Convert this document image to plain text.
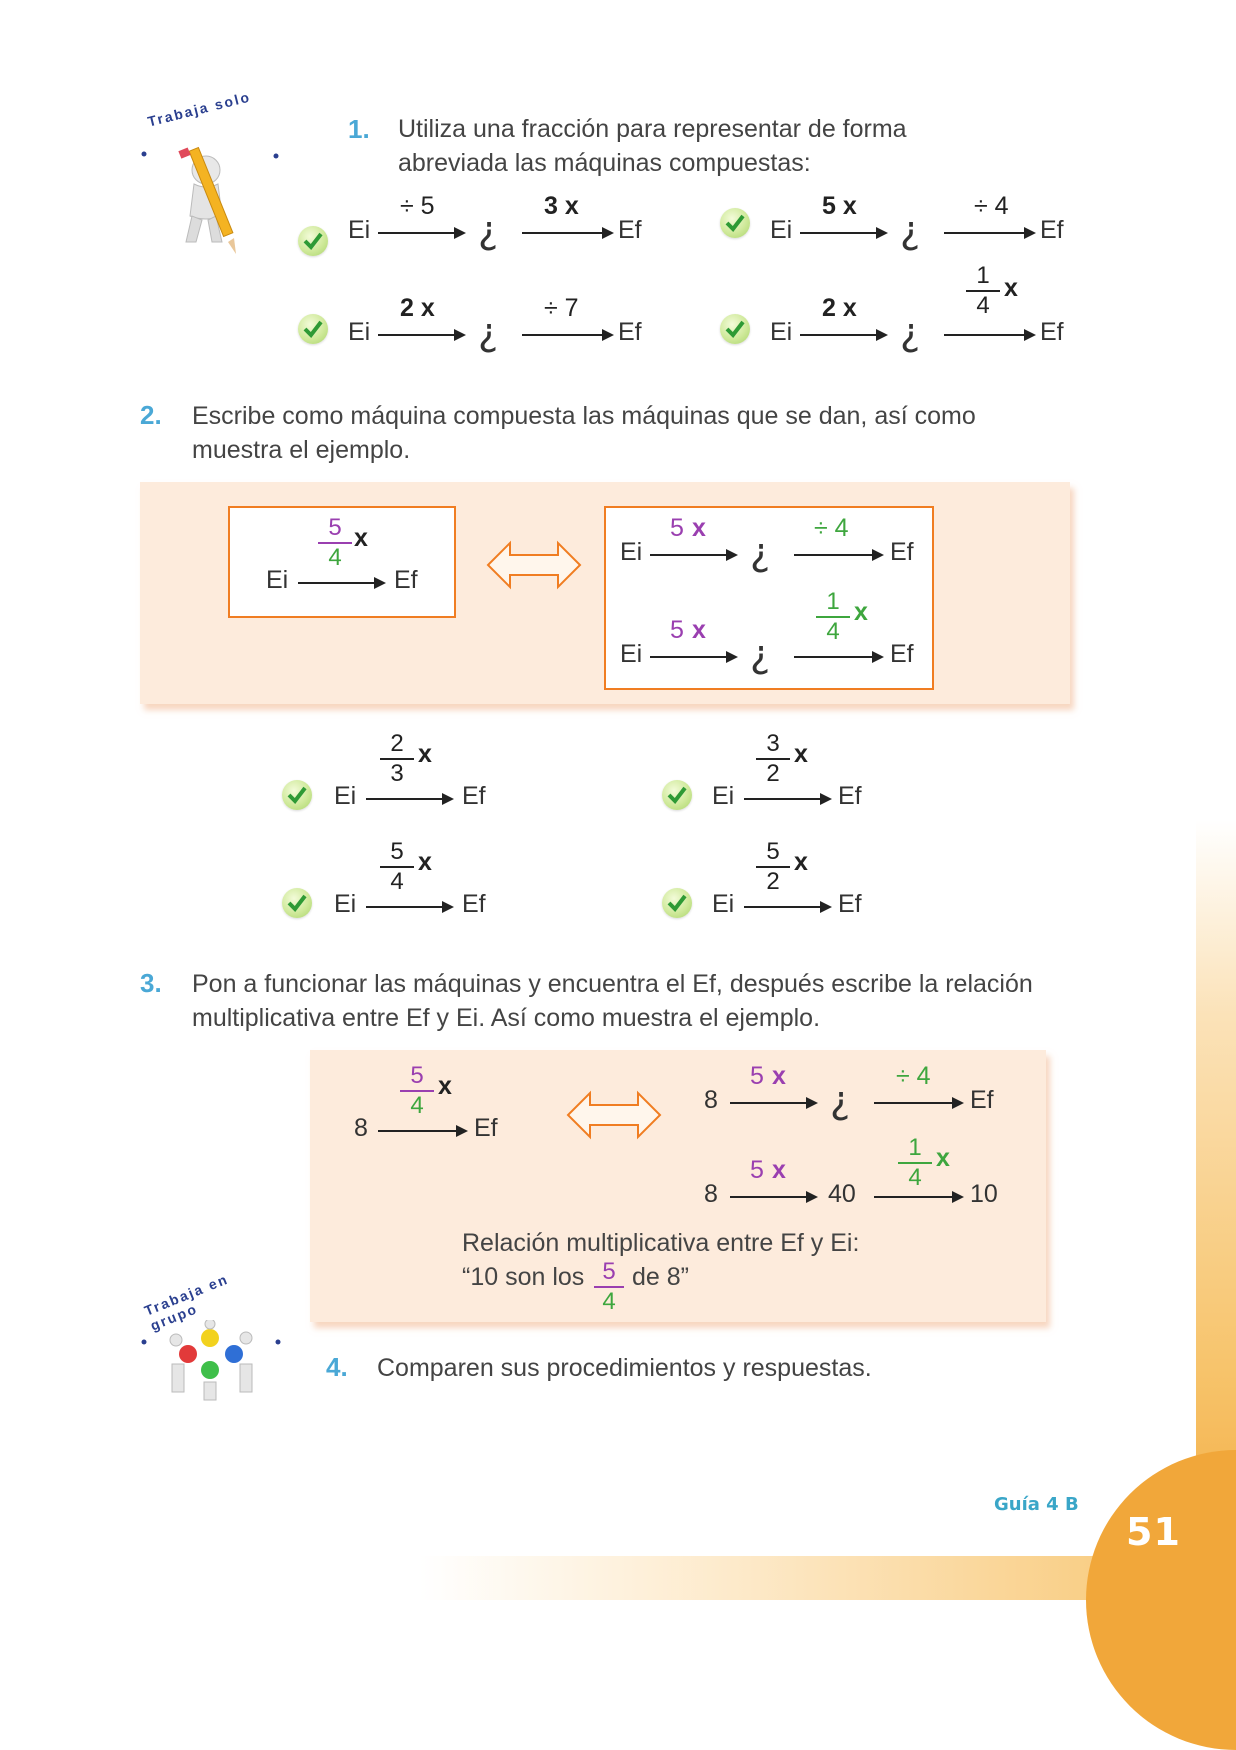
51
Guía 4 B
Trabaja solo	1. Utiliza una fracción para representar de forma
abreviada las máquinas compuestas:
Ei
÷ 5
¿
3 x
Ef	Ei
5 x
¿
÷ 4
Ef
Ei
2 x
¿
÷ 7
Ef	Ei
2 x
¿
$\frac{1}{4}$ x
Ef
2. Escribe como máquina compuesta las máquinas que se dan, así como
muestra el ejemplo.
$\frac{5}{4}$ x
Ei	Ef
Ei
5 x
¿
÷ 4
Ef
Ei
5 x
¿
$\frac{1}{4}$ x
Ef
$\frac{2}{3}$ x
Ei	Ef
$\frac{3}{2}$ x
Ei	Ef
$\frac{5}{4}$ x
Ei	Ef
$\frac{5}{2}$ x
Ei	Ef
3. Pon a funcionar las máquinas y encuentra el Ef, después escribe la relación
multiplicativa entre Ef y Ei. Así como muestra el ejemplo.
$\frac{5}{4}$ x
8	Ef
8
5 x
¿
÷ 4
Ef
8
5 x
40
$\frac{1}{4}$ x
10
Relación multiplicativa entre Ef y Ei:
“10 son los $\frac{5}{4}$ de 8”
Trabaja en grupo
4. Comparen sus procedimientos y respuestas.
